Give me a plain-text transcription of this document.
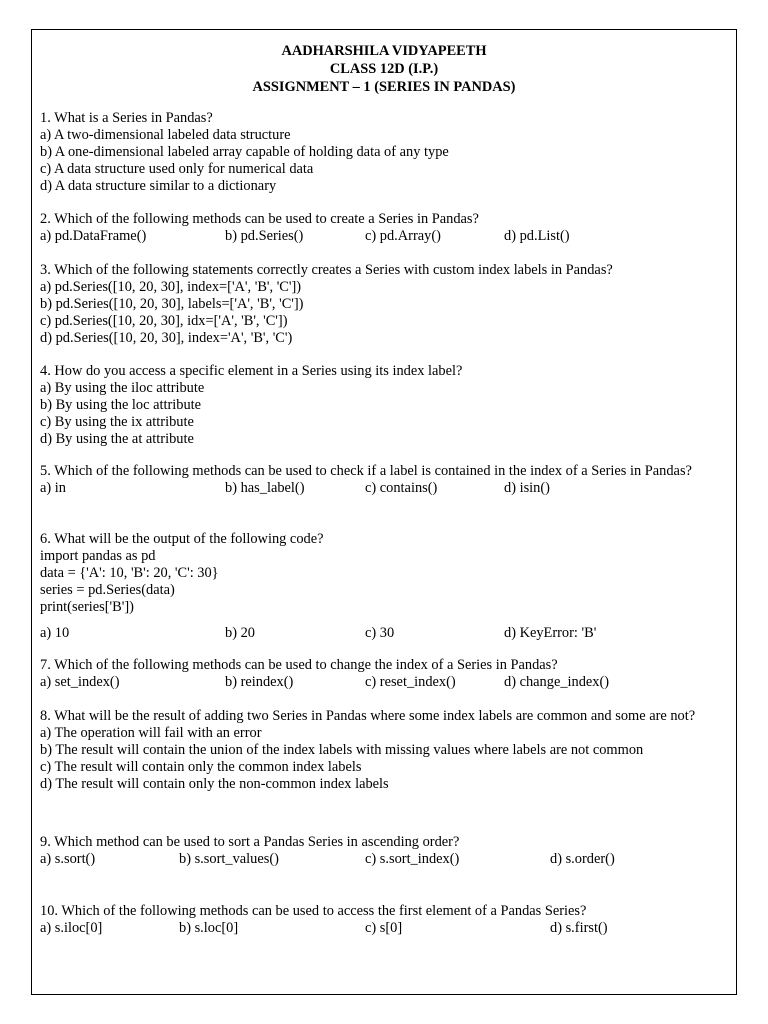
AADHARSHILA VIDYAPEETH
CLASS 12D (I.P.)
ASSIGNMENT – 1 (SERIES IN PANDAS)
1. What is a Series in Pandas?
a) A two-dimensional labeled data structure
b) A one-dimensional labeled array capable of holding data of any type
c) A data structure used only for numerical data
d) A data structure similar to a dictionary
2. Which of the following methods can be used to create a Series in Pandas?
a) pd.DataFrame()	b) pd.Series()	c) pd.Array()	d) pd.List()
3. Which of the following statements correctly creates a Series with custom index labels in Pandas?
a) pd.Series([10, 20, 30], index=['A', 'B', 'C'])
b) pd.Series([10, 20, 30], labels=['A', 'B', 'C'])
c) pd.Series([10, 20, 30], idx=['A', 'B', 'C'])
d) pd.Series([10, 20, 30], index='A', 'B', 'C')
4. How do you access a specific element in a Series using its index label?
a) By using the iloc attribute
b) By using the loc attribute
c) By using the ix attribute
d) By using the at attribute
5. Which of the following methods can be used to check if a label is contained in the index of a Series in Pandas?
a) in	b) has_label()	c) contains()	d) isin()
6. What will be the output of the following code?
import pandas as pd
data = {'A': 10, 'B': 20, 'C': 30}
series = pd.Series(data)
print(series['B'])
a) 10	b) 20	c) 30	d) KeyError: 'B'
7. Which of the following methods can be used to change the index of a Series in Pandas?
a) set_index()	b) reindex()	c) reset_index()	d) change_index()
8. What will be the result of adding two Series in Pandas where some index labels are common and some are not?
a) The operation will fail with an error
b) The result will contain the union of the index labels with missing values where labels are not common
c) The result will contain only the common index labels
d) The result will contain only the non-common index labels
9. Which method can be used to sort a Pandas Series in ascending order?
a) s.sort()	b) s.sort_values()	c) s.sort_index()	d) s.order()
10. Which of the following methods can be used to access the first element of a Pandas Series?
a) s.iloc[0]	b) s.loc[0]	c) s[0]	d) s.first()
